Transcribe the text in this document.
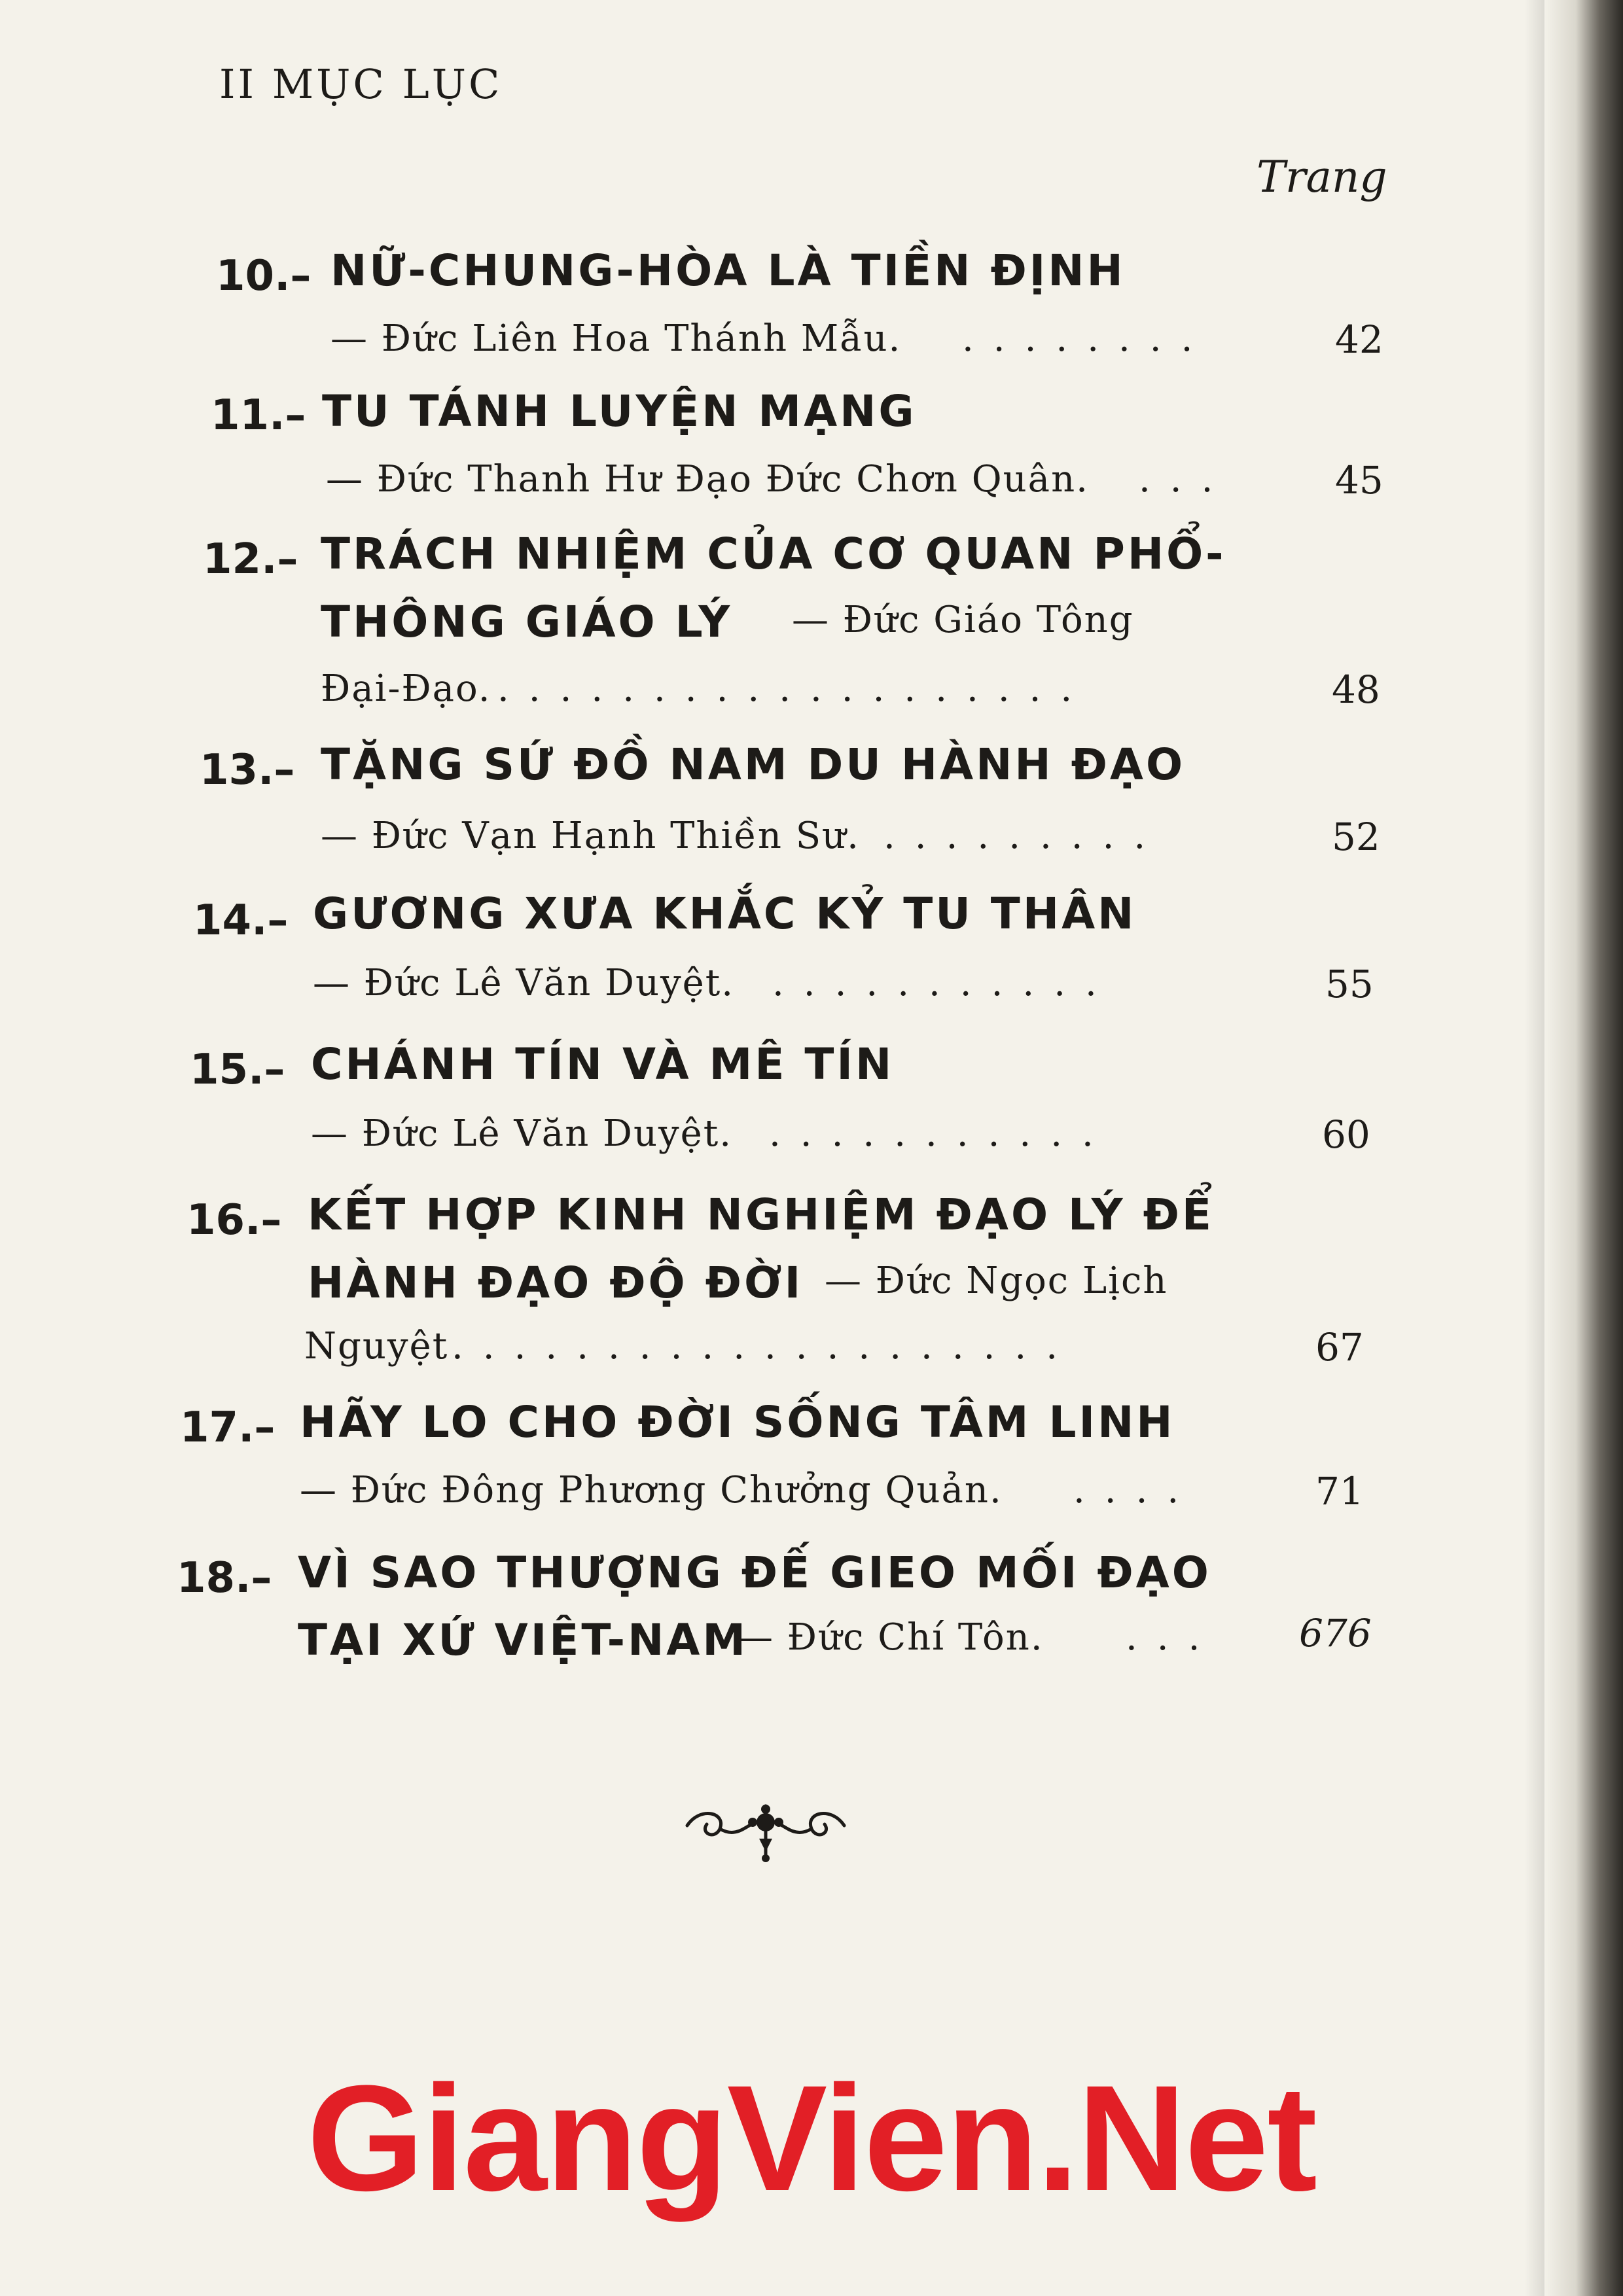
II MỤC LỤC
Trang
10.– NỮ-CHUNG-HÒA LÀ TIỀN ĐỊNH
— Đức Liên Hoa Thánh Mẫu. ........	42
11.– TU TÁNH LUYỆN MẠNG
— Đức Thanh Hư Đạo Đức Chơn Quân. ...	45
12.– TRÁCH NHIỆM CỦA CƠ QUAN PHỔ-
THÔNG GIÁO LÝ — Đức Giáo Tông
Đại-Đạo. ...................	48
13.– TẶNG SỨ ĐỒ NAM DU HÀNH ĐẠO
— Đức Vạn Hạnh Thiền Sư. .........	52
14.– GƯƠNG XƯA KHẮC KỶ TU THÂN
— Đức Lê Văn Duyệt. ...........	55
15.– CHÁNH TÍN VÀ MÊ TÍN
— Đức Lê Văn Duyệt. ...........	60
16.– KẾT HỢP KINH NGHIỆM ĐẠO LÝ ĐỂ
HÀNH ĐẠO ĐỘ ĐỜI — Đức Ngọc Lịch
Nguyệt ....................	67
17.– HÃY LO CHO ĐỜI SỐNG TÂM LINH
— Đức Đông Phương Chưởng Quản. ....	71
18.– VÌ SAO THƯỢNG ĐẾ GIEO MỐI ĐẠO
TẠI XỨ VIỆT-NAM
— Đức Chí Tôn. ...	676
GiangVien.Net
